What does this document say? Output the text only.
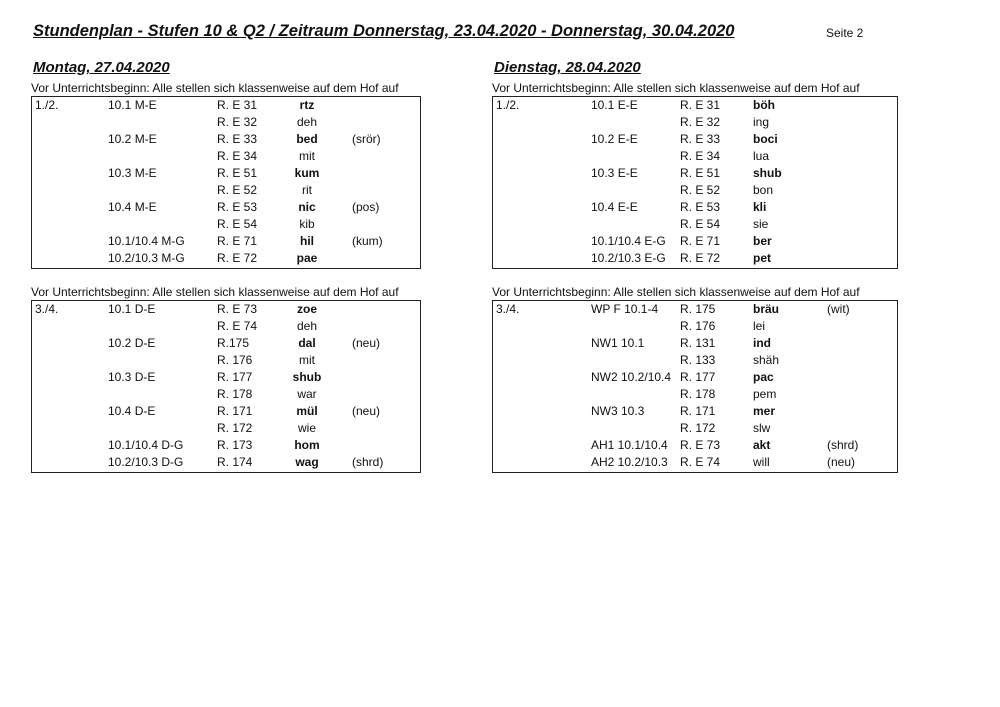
Stundenplan - Stufen 10 & Q2 / Zeitraum Donnerstag, 23.04.2020 - Donnerstag, 30.04.2020	Seite 2
Montag, 27.04.2020
Vor Unterrichtsbeginn: Alle stellen sich klassenweise auf dem Hof auf
1./2.	10.1 M-E	R. E 31	rtz
R. E 32	deh
10.2 M-E	R. E 33	bed	(srör)
R. E 34	mit
10.3 M-E	R. E 51	kum
R. E 52	rit
10.4 M-E	R. E 53	nic	(pos)
R. E 54	kib
10.1/10.4 M-G	R. E 71	hil	(kum)
10.2/10.3 M-G	R. E 72	pae
Vor Unterrichtsbeginn: Alle stellen sich klassenweise auf dem Hof auf
3./4.	10.1 D-E	R. E 73	zoe
R. E 74	deh
10.2 D-E	R.175	dal	(neu)
R. 176	mit
10.3 D-E	R. 177	shub
R. 178	war
10.4 D-E	R. 171	mül	(neu)
R. 172	wie
10.1/10.4 D-G	R. 173	hom
10.2/10.3 D-G	R. 174	wag	(shrd)
Dienstag, 28.04.2020
Vor Unterrichtsbeginn: Alle stellen sich klassenweise auf dem Hof auf
1./2.	10.1 E-E	R. E 31	böh
R. E 32	ing
10.2 E-E	R. E 33	boci
R. E 34	lua
10.3 E-E	R. E 51	shub
R. E 52	bon
10.4 E-E	R. E 53	kli
R. E 54	sie
10.1/10.4 E-G R. E 71	ber
10.2/10.3 E-G R. E 72	pet
Vor Unterrichtsbeginn: Alle stellen sich klassenweise auf dem Hof auf
3./4.	WP F 10.1-4 R. 175	bräu	(wit)
R. 176	lei
NW1 10.1	R. 131	ind
R. 133	shäh
NW2 10.2/10.4 R. 177	pac
R. 178	pem
NW3 10.3	R. 171	mer
R. 172	slw
AH1 10.1/10.4 R. E 73	akt	(shrd)
AH2 10.2/10.3 R. E 74	will	(neu)
